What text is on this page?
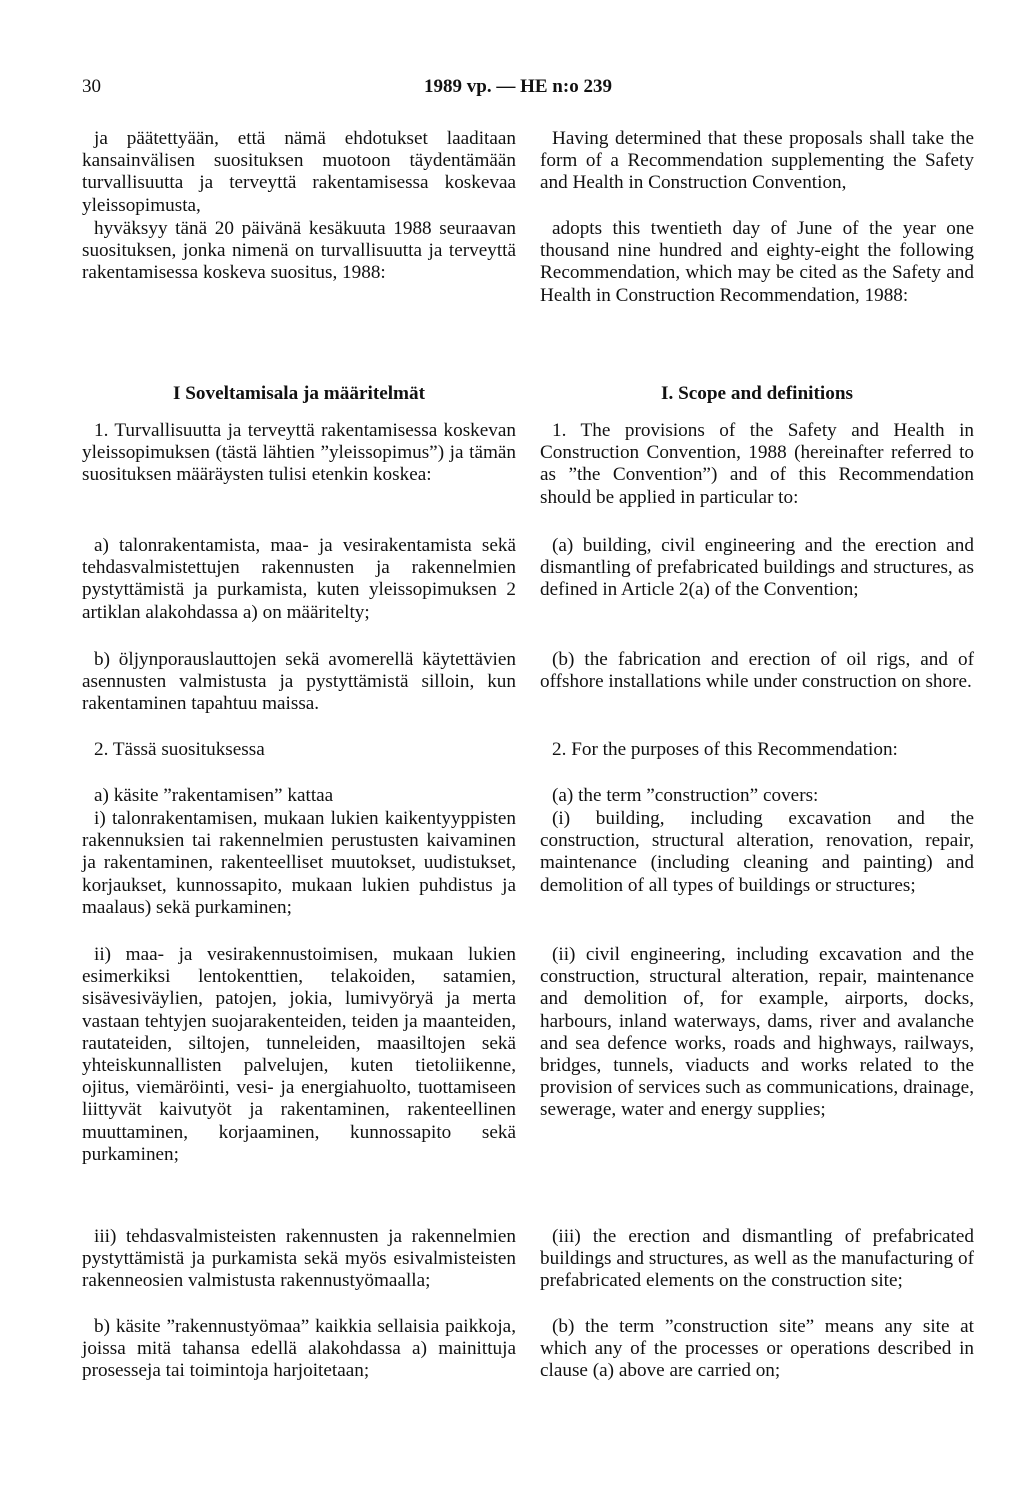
30	1989 vp. — HE n:o 239

ja päätettyään, että nämä ehdotukset laaditaan kansainvälisen suosituksen muotoon täydentämään turvallisuutta ja terveyttä rakentamisessa koskevaa yleissopimusta,

hyväksyy tänä 20 päivänä kesäkuuta 1988 seuraavan suosituksen, jonka nimenä on turvallisuutta ja terveyttä rakentamisessa koskeva suositus, 1988:

I Soveltamisala ja määritelmät

1. Turvallisuutta ja terveyttä rakentamisessa koskevan yleissopimuksen (tästä lähtien ”yleissopimus”) ja tämän suosituksen määräysten tulisi etenkin koskea:

a) talonrakentamista, maa- ja vesirakentamista sekä tehdasvalmistettujen rakennusten ja rakennelmien pystyttämistä ja purkamista, kuten yleissopimuksen 2 artiklan alakohdassa a) on määritelty;

b) öljynporauslauttojen sekä avomerellä käytettävien asennusten valmistusta ja pystyttämistä silloin, kun rakentaminen tapahtuu maissa.

2. Tässä suosituksessa

a) käsite ”rakentamisen” kattaa

i) talonrakentamisen, mukaan lukien kaikentyyppisten rakennuksien tai rakennelmien perustusten kaivaminen ja rakentaminen, rakenteelliset muutokset, uudistukset, korjaukset, kunnossapito, mukaan lukien puhdistus ja maalaus) sekä purkaminen;

ii) maa- ja vesirakennustoimisen, mukaan lukien esimerkiksi lentokenttien, telakoiden, satamien, sisävesiväylien, patojen, jokia, lumivyöryä ja merta vastaan tehtyjen suojarakenteiden, teiden ja maanteiden, rautateiden, siltojen, tunneleiden, maasiltojen sekä yhteiskunnallisten palvelujen, kuten tietoliikenne, ojitus, viemäröinti, vesi- ja energiahuolto, tuottamiseen liittyvät kaivutyöt ja rakentaminen, rakenteellinen muuttaminen, korjaaminen, kunnossapito sekä purkaminen;

iii) tehdasvalmisteisten rakennusten ja rakennelmien pystyttämistä ja purkamista sekä myös esivalmisteisten rakenneosien valmistusta rakennustyömaalla;

b) käsite ”rakennustyömaa” kaikkia sellaisia paikkoja, joissa mitä tahansa edellä alakohdassa a) mainittuja prosesseja tai toimintoja harjoitetaan;

Having determined that these proposals shall take the form of a Recommendation supplementing the Safety and Health in Construction Convention,

adopts this twentieth day of June of the year one thousand nine hundred and eighty-eight the following Recommendation, which may be cited as the Safety and Health in Construction Recommendation, 1988:

I. Scope and definitions

1. The provisions of the Safety and Health in Construction Convention, 1988 (hereinafter referred to as ”the Convention”) and of this Recommendation should be applied in particular to:

(a) building, civil engineering and the erection and dismantling of prefabricated buildings and structures, as defined in Article 2(a) of the Convention;

(b) the fabrication and erection of oil rigs, and of offshore installations while under construction on shore.

2. For the purposes of this Recommendation:

(a) the term ”construction” covers:

(i) building, including excavation and the construction, structural alteration, renovation, repair, maintenance (including cleaning and painting) and demolition of all types of buildings or structures;

(ii) civil engineering, including excavation and the construction, structural alteration, repair, maintenance and demolition of, for example, airports, docks, harbours, inland waterways, dams, river and avalanche and sea defence works, roads and highways, railways, bridges, tunnels, viaducts and works related to the provision of services such as communications, drainage, sewerage, water and energy supplies;

(iii) the erection and dismantling of prefabricated buildings and structures, as well as the manufacturing of prefabricated elements on the construction site;

(b) the term ”construction site” means any site at which any of the processes or operations described in clause (a) above are carried on;
